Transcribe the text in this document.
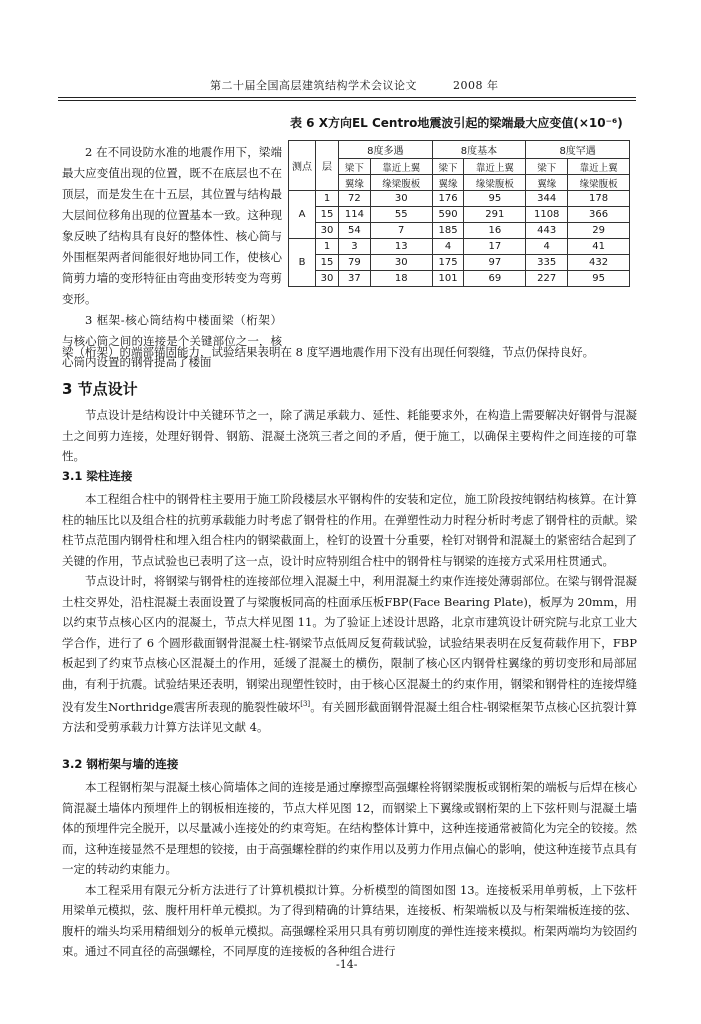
第二十届全国高层建筑结构学术会议论文	2008 年
表 6 X方向EL Centro地震波引起的梁端最大应变值(×10⁻⁶)
测点	层	8度多遇		8度基本		8度罕遇	
		梁下	靠近上翼	梁下	靠近上翼	梁下	靠近上翼
		翼缘	缘梁腹板	翼缘	缘梁腹板	翼缘	缘梁腹板
A	1	72	30	176	95	344	178
	15	114	55	590	291	1108	366
	30	54	7	185	16	443	29
B	1	3	13	4	17	4	41
	15	79	30	175	97	335	432
	30	37	18	101	69	227	95

2 在不同设防水准的地震作用下，梁端最大应变值出现的位置，既不在底层也不在顶层，而是发生在十五层，其位置与结构最大层间位移角出现的位置基本一致。这种现象反映了结构具有良好的整体性、核心筒与外围框架两者间能很好地协同工作，使核心筒剪力墙的变形特征由弯曲变形转变为弯剪变形。

3 框架-核心筒结构中楼面梁（桁架）与核心筒之间的连接是个关键部位之一，核心筒内设置的钢骨提高了楼面

梁（桁架）的端部锚固能力，试验结果表明在 8 度罕遇地震作用下没有出现任何裂缝，节点仍保持良好。
3 节点设计

节点设计是结构设计中关键环节之一，除了满足承载力、延性、耗能要求外，在构造上需要解决好钢骨与混凝土之间剪力连接，处理好钢骨、钢筋、混凝土浇筑三者之间的矛盾，便于施工，以确保主要构件之间连接的可靠性。

3.1 梁柱连接

本工程组合柱中的钢骨柱主要用于施工阶段楼层水平钢构件的安装和定位，施工阶段按纯钢结构核算。在计算柱的轴压比以及组合柱的抗剪承载能力时考虑了钢骨柱的作用。在弹塑性动力时程分析时考虑了钢骨柱的贡献。梁柱节点范围内钢骨柱和埋入组合柱内的钢梁截面上，栓钉的设置十分重要，栓钉对钢骨和混凝土的紧密结合起到了关键的作用，节点试验也已表明了这一点，设计时应特别组合柱中的钢骨柱与钢梁的连接方式采用柱贯通式。

节点设计时，将钢梁与钢骨柱的连接部位埋入混凝土中，利用混凝土约束作连接处薄弱部位。在梁与钢骨混凝土柱交界处，沿柱混凝土表面设置了与梁腹板同高的柱面承压板FBP(Face Bearing Plate)，板厚为 20mm，用以约束节点核心区内的混凝土，节点大样见图 11。为了验证上述设计思路，北京市建筑设计研究院与北京工业大学合作，进行了 6 个圆形截面钢骨混凝土柱-钢梁节点低周反复荷载试验，试验结果表明在反复荷载作用下，FBP板起到了约束节点核心区混凝土的作用，延缓了混凝土的横伤，限制了核心区内钢骨柱翼缘的剪切变形和局部屈曲，有利于抗震。试验结果还表明，钢梁出现塑性铰时，由于核心区混凝土的约束作用，钢梁和钢骨柱的连接焊缝没有发生Northridge震害所表现的脆裂性破坏[3]。有关圆形截面钢骨混凝土组合柱-钢梁框架节点核心区抗裂计算方法和受剪承载力计算方法详见文献 4。

3.2 钢桁架与墙的连接

本工程钢桁架与混凝土核心筒墙体之间的连接是通过摩擦型高强螺栓将钢梁腹板或钢桁架的端板与后焊在核心筒混凝土墙体内预埋件上的钢板相连接的，节点大样见图 12，而钢梁上下翼缘或钢桁架的上下弦杆则与混凝土墙体的预埋件完全脱开，以尽量减小连接处的约束弯矩。在结构整体计算中，这种连接通常被简化为完全的铰接。然而，这种连接显然不是理想的铰接，由于高强螺栓群的约束作用以及剪力作用点偏心的影响，使这种连接节点具有一定的转动约束能力。

本工程采用有限元分析方法进行了计算机模拟计算。分析模型的简图如图 13。连接板采用单剪板，上下弦杆用梁单元模拟，弦、腹杆用杆单元模拟。为了得到精确的计算结果，连接板、桁架端板以及与桁架端板连接的弦、腹杆的端头均采用精细划分的板单元模拟。高强螺栓采用只具有剪切刚度的弹性连接来模拟。桁架两端均为铰固约束。通过不同直径的高强螺栓，不同厚度的连接板的各种组合进行

-14-
